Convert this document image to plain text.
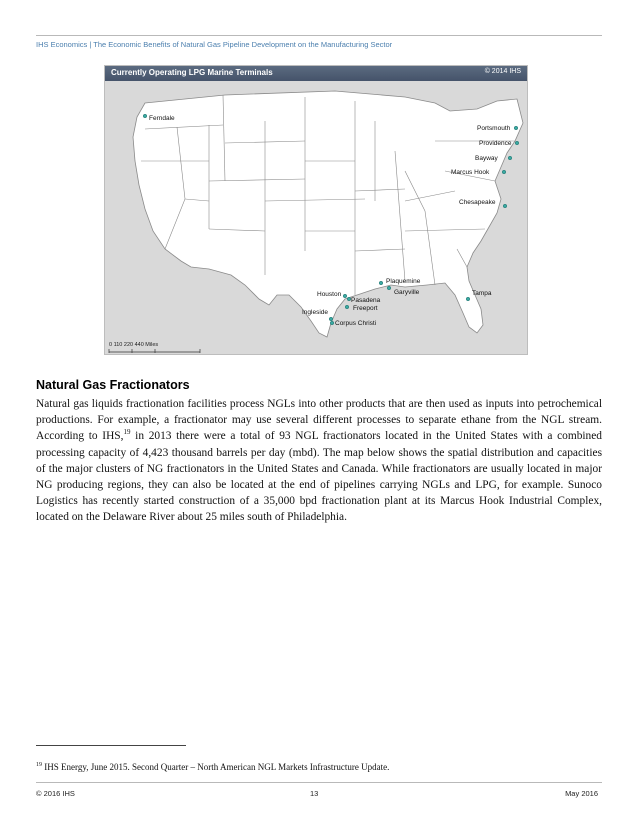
IHS Economics | The Economic Benefits of Natural Gas Pipeline Development on the Manufacturing Sector
Currently Operating LPG Marine Terminals	© 2014 IHS
Ferndale
Portsmouth
Providence
Bayway
Marcus Hook
Chesapeake
Plaquemine
Garyville	Tampa
Houston
Pasadena
Freeport
Ingleside
Corpus Christi
0 110 220 440 Miles
Natural Gas Fractionators

Natural gas liquids fractionation facilities process NGLs into other products that are then used as inputs into petrochemical productions. For example, a fractionator may use several different processes to separate ethane from the NGL stream. According to IHS,$^{19}$ in 2013 there were a total of 93 NGL fractionators located in the United States with a combined processing capacity of 4,423 thousand barrels per day (mbd). The map below shows the spatial distribution and capacities of the major clusters of NG fractionators in the United States and Canada. While fractionators are usually located in major NG producing regions, they can also be located at the end of pipelines carrying NGLs and LPG, for example. Sunoco Logistics has recently started construction of a 35,000 bpd fractionation plant at its Marcus Hook Industrial Complex, located on the Delaware River about 25 miles south of Philadelphia.

$^{19}$ IHS Energy, June 2015. Second Quarter – North American NGL Markets Infrastructure Update.
© 2016 IHS	13	May 2016
